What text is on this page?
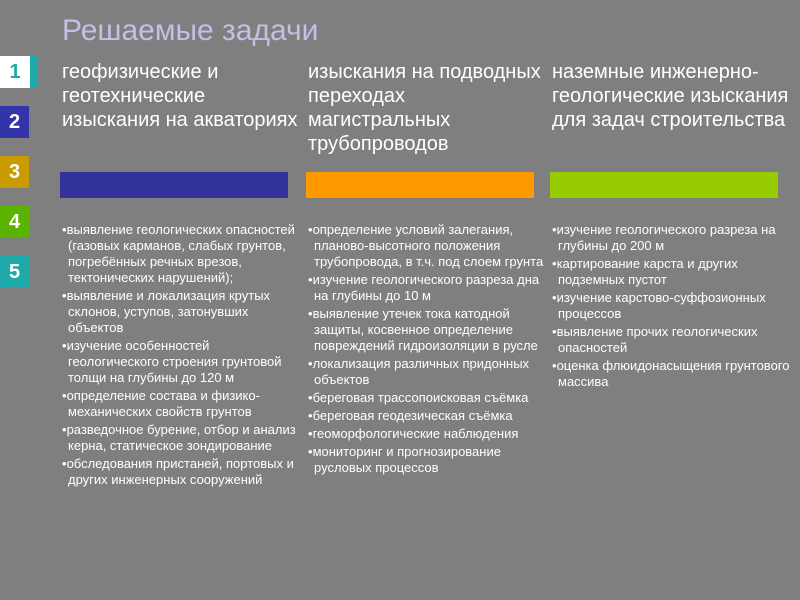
Решаемые задачи
1
2
3
4
5
геофизические и геотехнические изыскания на акваториях
• выявление геологических опасностей (газовых карманов, слабых грунтов, погребённых речных врезов, тектонических нарушений);
• выявление и локализация крутых склонов, уступов, затонувших объектов
• изучение особенностей геологического строения грунтовой толщи на глубины до 120 м
• определение состава и физико-механических свойств грунтов
• разведочное бурение, отбор и анализ керна, статическое зондирование
• обследования пристаней, портовых и других инженерных сооружений
изыскания на подводных переходах магистральных трубопроводов
• определение условий залегания, планово-высотного положения трубопровода, в т.ч. под слоем грунта
• изучение геологического разреза дна на глубины до 10 м
• выявление утечек тока катодной защиты, косвенное определение повреждений гидроизоляции в русле
• локализация различных придонных объектов
• береговая трассопоисковая съёмка
• береговая геодезическая съёмка
• геоморфологические наблюдения
• мониторинг и прогнозирование русловых процессов
наземные инженерно-геологические изыскания для задач строительства
• изучение геологического разреза на глубины до 200 м
• картирование карста и других подземных пустот
• изучение карстово-суффозионных процессов
• выявление прочих геологических опасностей
• оценка флюидонасыщения грунтового массива
